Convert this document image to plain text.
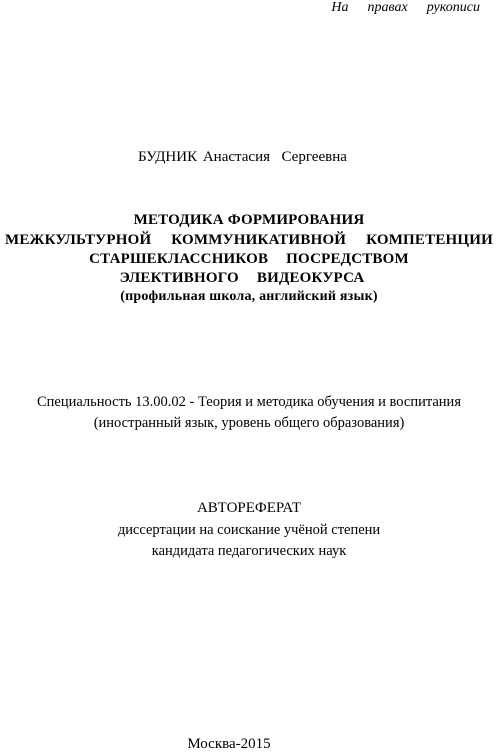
На  правах  рукописи
БУДНИК Анастасия  Сергеевна
МЕТОДИКА ФОРМИРОВАНИЯ
МЕЖКУЛЬТУРНОЙ КОММУНИКАТИВНОЙ КОМПЕТЕНЦИИ
СТАРШЕКЛАССНИКОВ ПОСРЕДСТВОМ
ЭЛЕКТИВНОГО ВИДЕОКУРСА
(профильная школа, английский язык)
Специальность 13.00.02 - Теория и методика обучения и воспитания
(иностранный язык, уровень общего образования)
АВТОРЕФЕРАТ
диссертации на соискание учёной степени
кандидата педагогических наук
Москва-2015
